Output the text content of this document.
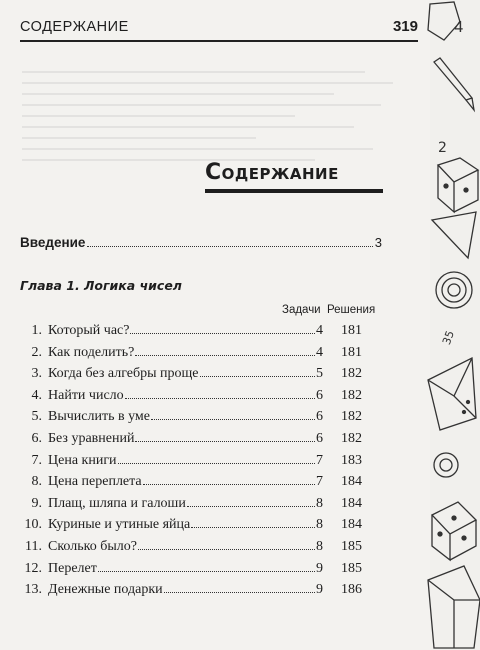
СОДЕРЖАНИЕ	319
Содержание
Введение	3
Глава 1. Логика чисел
Задачи Решения
1. Который час?	4 181
2. Как поделить?	4 181
3. Когда без алгебры проще	5 182
4. Найти число	6 182
5. Вычислить в уме	6 182
6. Без уравнений	6 182
7. Цена книги	7 183
8. Цена переплета	7 184
9. Плащ, шляпа и галоши	8 184
10. Куриные и утиные яйца	8 184
11. Сколько было?	8 185
12. Перелет	9 185
13. Денежные подарки	9 186
4
2
35
